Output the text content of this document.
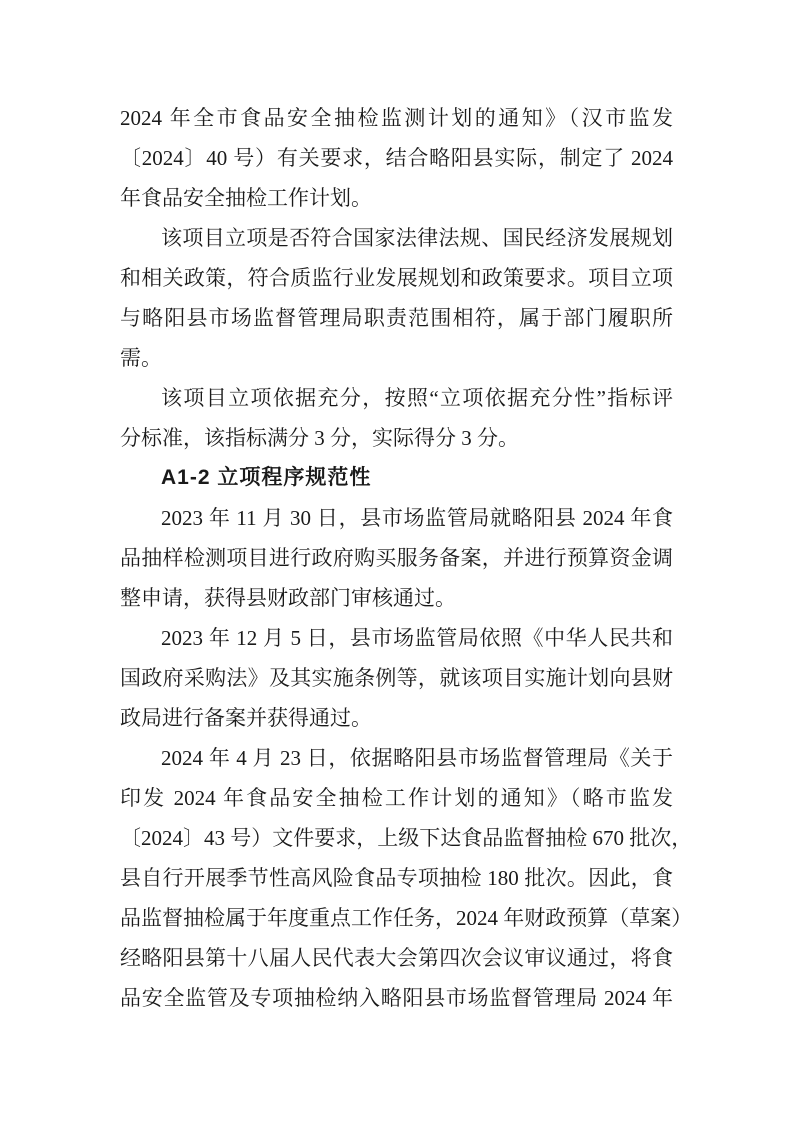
2024 年全市食品安全抽检监测计划的通知》（汉市监发
〔2024〕40 号）有关要求，结合略阳县实际，制定了 2024
年食品安全抽检工作计划。
该项目立项是否符合国家法律法规、国民经济发展规划
和相关政策，符合质监行业发展规划和政策要求。项目立项
与略阳县市场监督管理局职责范围相符，属于部门履职所
需。
该项目立项依据充分，按照“立项依据充分性”指标评
分标准，该指标满分 3 分，实际得分 3 分。
A1-2 立项程序规范性
2023 年 11 月 30 日，县市场监管局就略阳县 2024 年食
品抽样检测项目进行政府购买服务备案，并进行预算资金调
整申请，获得县财政部门审核通过。
2023 年 12 月 5 日，县市场监管局依照《中华人民共和
国政府采购法》及其实施条例等，就该项目实施计划向县财
政局进行备案并获得通过。
2024 年 4 月 23 日，依据略阳县市场监督管理局《关于
印发 2024 年食品安全抽检工作计划的通知》（略市监发
〔2024〕43 号）文件要求，上级下达食品监督抽检 670 批次，
县自行开展季节性高风险食品专项抽检 180 批次。因此，食
品监督抽检属于年度重点工作任务，2024 年财政预算（草案）
经略阳县第十八届人民代表大会第四次会议审议通过，将食
品安全监管及专项抽检纳入略阳县市场监督管理局 2024 年
